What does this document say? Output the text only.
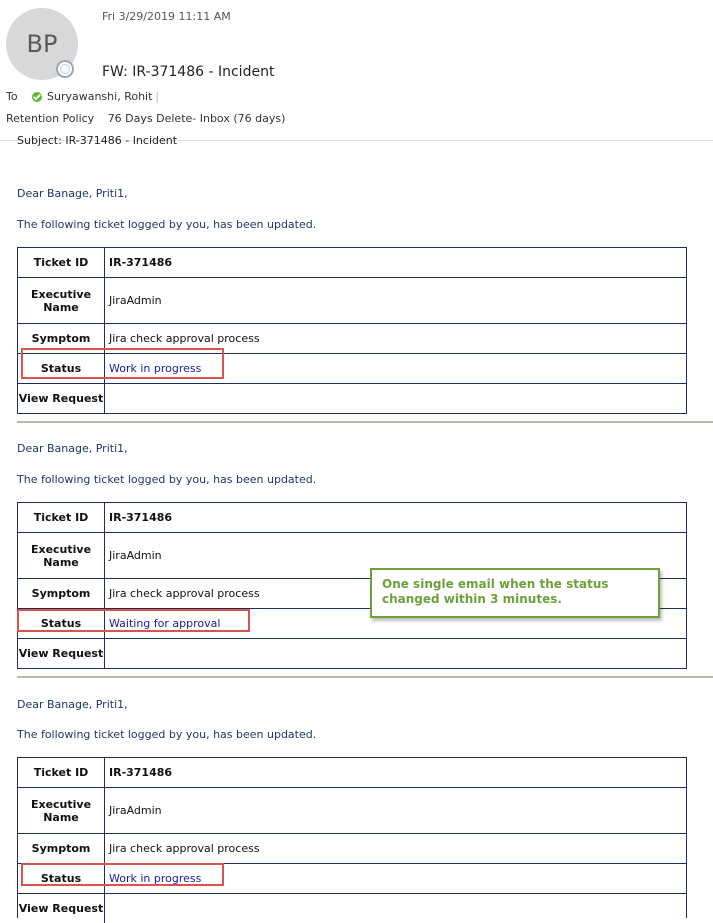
BP
Fri 3/29/2019 11:11 AM
FW: IR-371486 - Incident
To	Suryawanshi, Rohit |
Retention Policy 76 Days Delete- Inbox (76 days)
Subject: IR-371486 - Incident
Dear Banage, Priti1,
The following ticket logged by you, has been updated.
Ticket ID	IR-371486
Executive Name	JiraAdmin
Symptom	Jira check approval process
Status	Work in progress
View Request
Dear Banage, Priti1,
The following ticket logged by you, has been updated.
Ticket ID	IR-371486
Executive Name	JiraAdmin
Symptom	Jira check approval process
Status	Waiting for approval
View Request
One single email when the status changed within 3 minutes.
Dear Banage, Priti1,
The following ticket logged by you, has been updated.
Ticket ID	IR-371486
Executive Name	JiraAdmin
Symptom	Jira check approval process
Status	Work in progress
View Request
